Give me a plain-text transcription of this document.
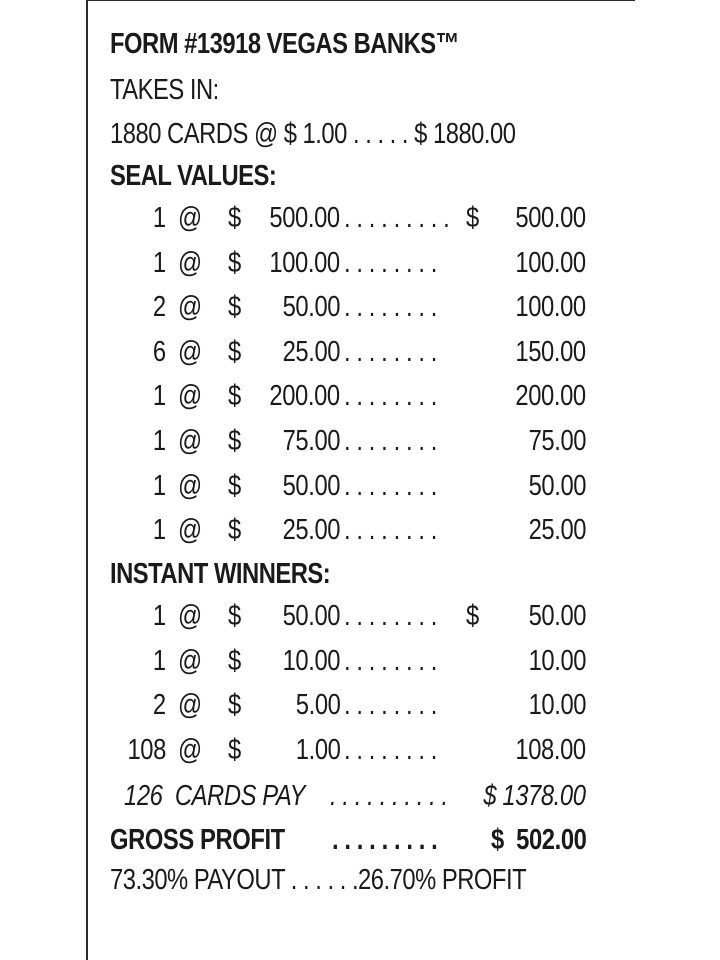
FORM #13918 VEGAS BANKS™
TAKES IN:
1880 CARDS @ $ 1.00 . . . . . $ 1880.00
SEAL VALUES:
1 @ $ 500.00 . . . . . . . . . $	500.00
1 @ $ 100.00 . . . . . . . .	100.00
2 @ $	50.00 . . . . . . . .	100.00
6 @ $	25.00 . . . . . . . .	150.00
1 @ $ 200.00 . . . . . . . .	200.00
1 @ $	75.00 . . . . . . . .	75.00
1 @ $	50.00 . . . . . . . .	50.00
1 @ $	25.00 . . . . . . . .	25.00
INSTANT WINNERS:
1 @ $	50.00 . . . . . . . . $	50.00
1 @ $	10.00 . . . . . . . .	10.00
2 @ $	5.00 . . . . . . . .	10.00
108 @ $	1.00 . . . . . . . .	108.00
126  CARDS PAY . . . . . . . . . .	$ 1378.00
GROSS PROFIT . . . . . . . . .	$  502.00
73.30% PAYOUT . . . . . .26.70% PROFIT
